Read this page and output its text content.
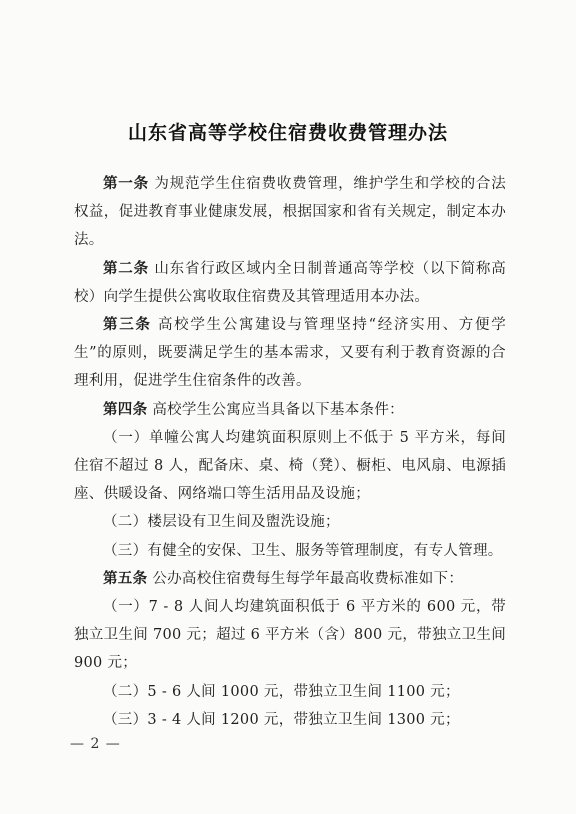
山东省高等学校住宿费收费管理办法

第一条 为规范学生住宿费收费管理，维护学生和学校的合法权益，促进教育事业健康发展，根据国家和省有关规定，制定本办法。

第二条 山东省行政区域内全日制普通高等学校（以下简称高校）向学生提供公寓收取住宿费及其管理适用本办法。

第三条 高校学生公寓建设与管理坚持“经济实用、方便学生”的原则，既要满足学生的基本需求，又要有利于教育资源的合理利用，促进学生住宿条件的改善。

第四条 高校学生公寓应当具备以下基本条件：

（一）单幢公寓人均建筑面积原则上不低于 5 平方米，每间住宿不超过 8 人，配备床、桌、椅（凳）、橱柜、电风扇、电源插座、供暖设备、网络端口等生活用品及设施；

（二）楼层设有卫生间及盥洗设施；

（三）有健全的安保、卫生、服务等管理制度，有专人管理。

第五条 公办高校住宿费每生每学年最高收费标准如下：

（一）7 - 8 人间人均建筑面积低于 6 平方米的 600 元，带独立卫生间 700 元；超过 6 平方米（含）800 元，带独立卫生间 900 元；

（二）5 - 6 人间 1000 元，带独立卫生间 1100 元；

（三）3 - 4 人间 1200 元，带独立卫生间 1300 元；

— 2 —
